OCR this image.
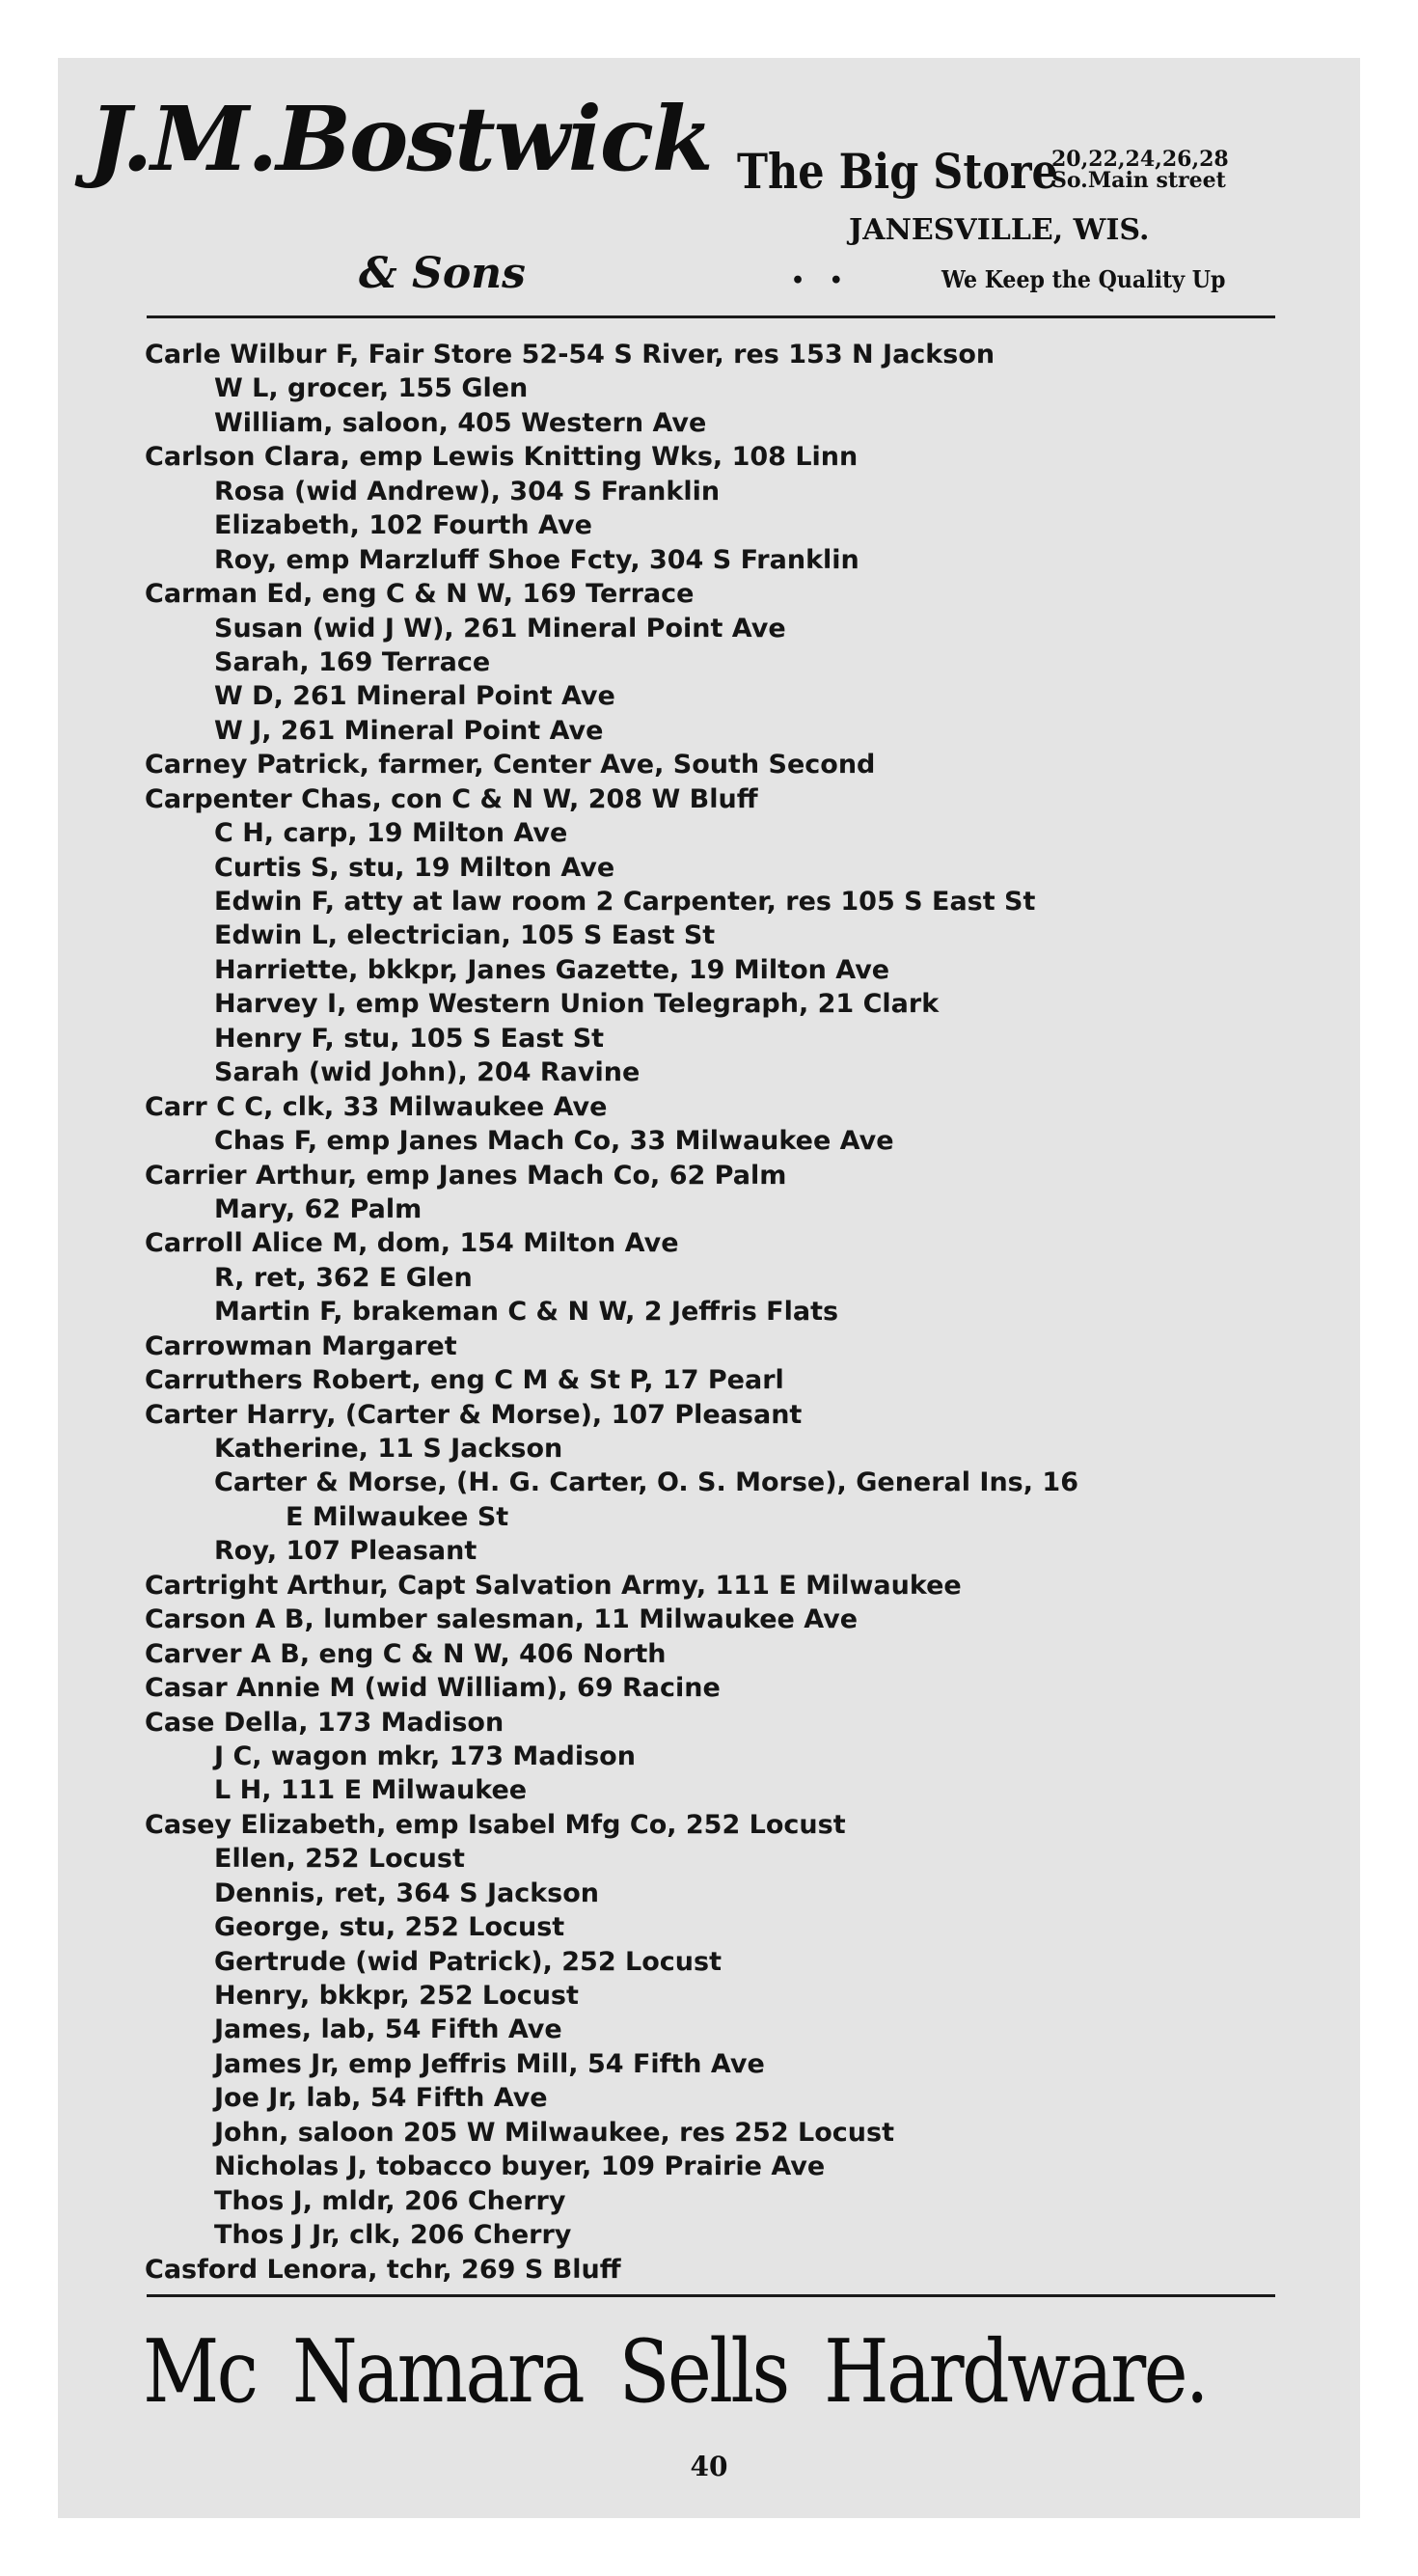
J.M.Bostwick
& Sons
The Big Store
20,22,24,26,28
So.Main street
JANESVILLE, WIS.
• •	We Keep the Quality Up
Carle Wilbur F, Fair Store 52-54 S River, res 153 N Jackson
W L, grocer, 155 Glen
William, saloon, 405 Western Ave
Carlson Clara, emp Lewis Knitting Wks, 108 Linn
Rosa (wid Andrew), 304 S Franklin
Elizabeth, 102 Fourth Ave
Roy, emp Marzluff Shoe Fcty, 304 S Franklin
Carman Ed, eng C & N W, 169 Terrace
Susan (wid J W), 261 Mineral Point Ave
Sarah, 169 Terrace
W D, 261 Mineral Point Ave
W J, 261 Mineral Point Ave
Carney Patrick, farmer, Center Ave, South Second
Carpenter Chas, con C & N W, 208 W Bluff
C H, carp, 19 Milton Ave
Curtis S, stu, 19 Milton Ave
Edwin F, atty at law room 2 Carpenter, res 105 S East St
Edwin L, electrician, 105 S East St
Harriette, bkkpr, Janes Gazette, 19 Milton Ave
Harvey I, emp Western Union Telegraph, 21 Clark
Henry F, stu, 105 S East St
Sarah (wid John), 204 Ravine
Carr C C, clk, 33 Milwaukee Ave
Chas F, emp Janes Mach Co, 33 Milwaukee Ave
Carrier Arthur, emp Janes Mach Co, 62 Palm
Mary, 62 Palm
Carroll Alice M, dom, 154 Milton Ave
R, ret, 362 E Glen
Martin F, brakeman C & N W, 2 Jeffris Flats
Carrowman Margaret
Carruthers Robert, eng C M & St P, 17 Pearl
Carter Harry, (Carter & Morse), 107 Pleasant
Katherine, 11 S Jackson
Carter & Morse, (H. G. Carter, O. S. Morse), General Ins, 16
E Milwaukee St
Roy, 107 Pleasant
Cartright Arthur, Capt Salvation Army, 111 E Milwaukee
Carson A B, lumber salesman, 11 Milwaukee Ave
Carver A B, eng C & N W, 406 North
Casar Annie M (wid William), 69 Racine
Case Della, 173 Madison
J C, wagon mkr, 173 Madison
L H, 111 E Milwaukee
Casey Elizabeth, emp Isabel Mfg Co, 252 Locust
Ellen, 252 Locust
Dennis, ret, 364 S Jackson
George, stu, 252 Locust
Gertrude (wid Patrick), 252 Locust
Henry, bkkpr, 252 Locust
James, lab, 54 Fifth Ave
James Jr, emp Jeffris Mill, 54 Fifth Ave
Joe Jr, lab, 54 Fifth Ave
John, saloon 205 W Milwaukee, res 252 Locust
Nicholas J, tobacco buyer, 109 Prairie Ave
Thos J, mldr, 206 Cherry
Thos J Jr, clk, 206 Cherry
Casford Lenora, tchr, 269 S Bluff
Mc Namara Sells Hardware.
40
